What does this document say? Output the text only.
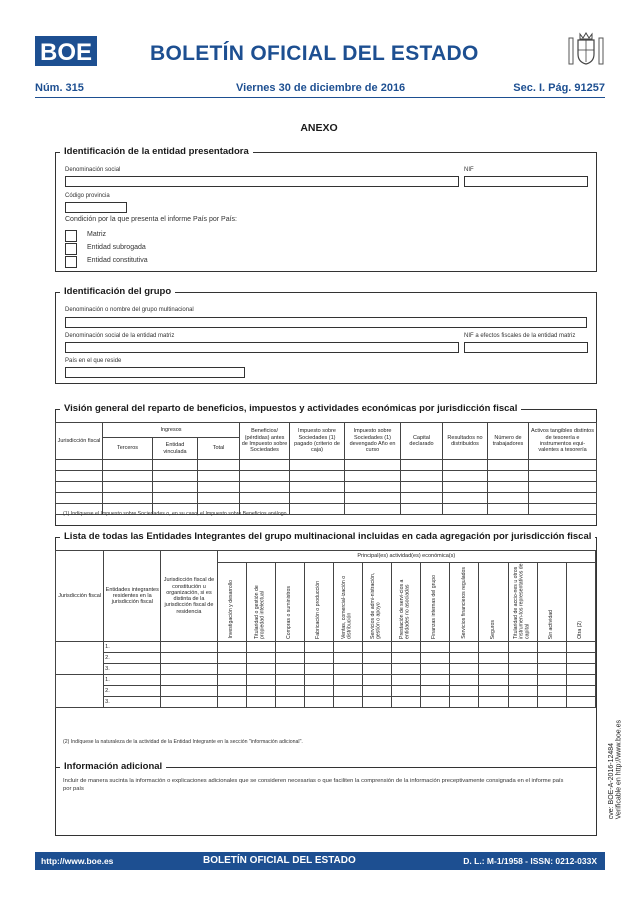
BOE	BOLETÍN OFICIAL DEL ESTADO
Núm. 315	Viernes 30 de diciembre de 2016	Sec. I. Pág. 91257
ANEXO
Identificación de la entidad presentadora
Denominación social	NIF
Código provincia
Condición por la que presenta el informe País por País:
Matriz
Entidad subrogada
Entidad constitutiva
Identificación del grupo
Denominación o nombre del grupo multinacional
Denominación social de la entidad matriz	NIF a efectos fiscales de la entidad matriz
País en el que reside
Visión general del reparto de beneficios, impuestos y actividades económicas por jurisdicción fiscal
Jurisdicción fiscal	Ingresos			Beneficios/ (pérdidas) antes de Impuesto sobre Sociedades	Impuesto sobre Sociedades (1) pagado (criterio de caja)	Impuesto sobre Sociedades (1) devengado Año en curso	Capital declarado	Resultados no distribuidos	Número de trabajadores	Activos tangibles distintos de tesorería e instrumentos equi-valentes a tesorería
	Terceros	Entidad vinculada	Total							

(1) Indíquese el Impuesto sobre Sociedades o, en su caso, el Impuesto sobre Beneficios análogo.
Lista de todas las Entidades Integrantes del grupo multinacional incluidas en cada agregación por jurisdicción fiscal
Jurisdicción fiscal	Entidades integrantes residentes en la jurisdicción fiscal	Jurisdicción fiscal de constitución u organización, si es distinta de la jurisdicción fiscal de residencia	Principal(es) actividad(es) económica(s)												
			Investigación y desarrollo	Titularidad o gestión de propiedad intelectual	Compras o suministros	Fabricación o producción	Ventas, comercial-ización o distribución	Servicios de admi-nistración, gestión o apoyo	Prestación de servi-cios a entidades no asociadas	Finanzas internas del grupo	Servicios financieros regulados	Seguros	Titularidad de accio-nes u otros instrumen-tos representativos de capital	Sin actividad	Otra (2)
	1.														
	2.														
	3.														
	1.														
	2.														
	3.														
(2) Indíquese la naturaleza de la actividad de la Entidad Integrante en la sección "información adicional".
Información adicional
Incluir de manera sucinta la información o explicaciones adicionales que se consideren necesarias o que faciliten la comprensión de la información preceptivamente consignada en el informe país por país	cve: BOE-A-2016-12484
Verificable en http://www.boe.es
http://www.boe.es	BOLETÍN OFICIAL DEL ESTADO	D. L.: M-1/1958 - ISSN: 0212-033X
